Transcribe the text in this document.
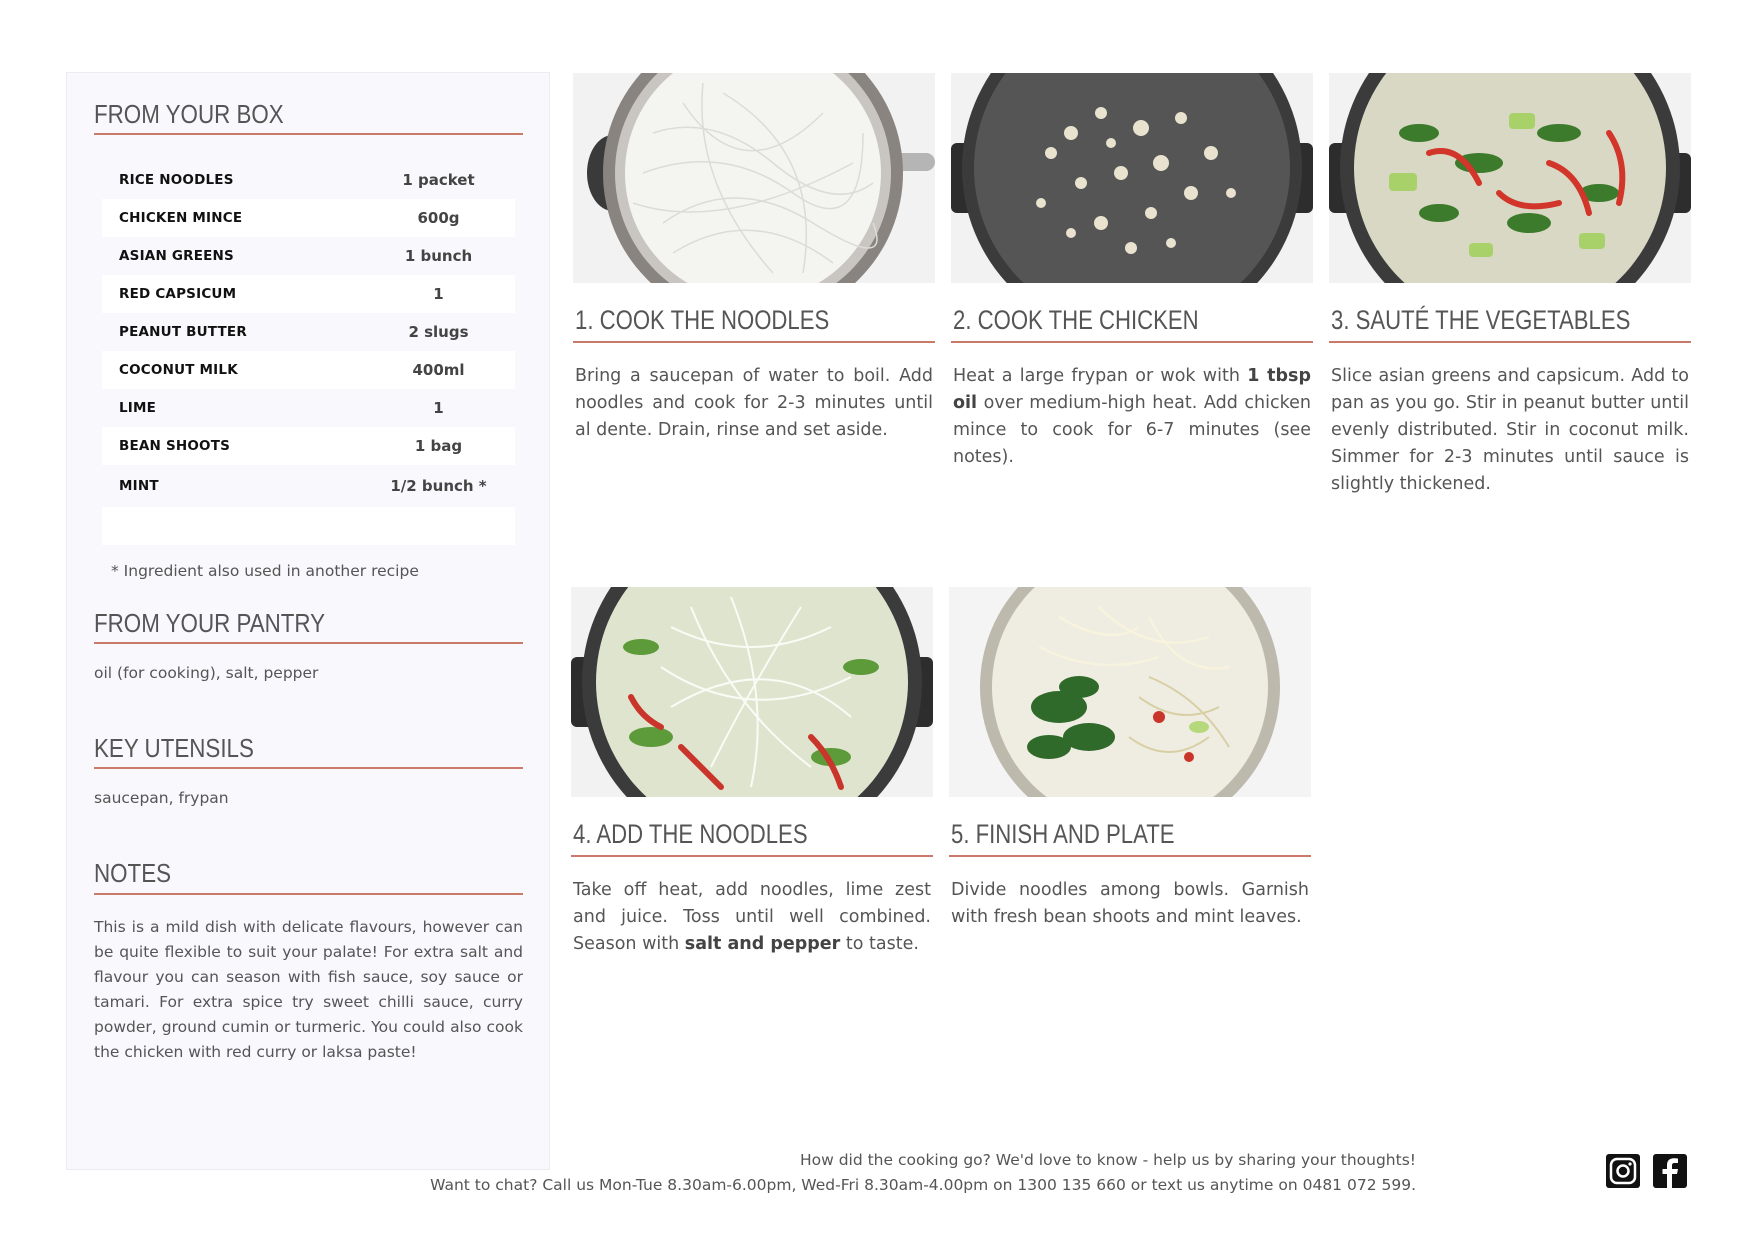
FROM YOUR BOX
RICE NOODLES	1 packet
CHICKEN MINCE	600g
ASIAN GREENS	1 bunch
RED CAPSICUM	1
PEANUT BUTTER	2 slugs
COCONUT MILK	400ml
LIME	1
BEAN SHOOTS	1 bag
MINT	1/2 bunch *
* Ingredient also used in another recipe
FROM YOUR PANTRY
oil (for cooking), salt, pepper
KEY UTENSILS
saucepan, frypan
NOTES
This is a mild dish with delicate flavours, however can be quite flexible to suit your palate! For extra salt and flavour you can season with fish sauce, soy sauce or tamari. For extra spice try sweet chilli sauce, curry powder, ground cumin or turmeric. You could also cook the chicken with red curry or laksa paste!
1. COOK THE NOODLES
Bring a saucepan of water to boil. Add noodles and cook for 2-3 minutes until al dente. Drain, rinse and set aside.
2. COOK THE CHICKEN
Heat a large frypan or wok with 1 tbsp oil over medium-high heat. Add chicken mince to cook for 6-7 minutes (see notes).
3. SAUTÉ THE VEGETABLES
Slice asian greens and capsicum. Add to pan as you go. Stir in peanut butter until evenly distributed. Stir in coconut milk. Simmer for 2-3 minutes until sauce is slightly thickened.
4. ADD THE NOODLES
Take off heat, add noodles, lime zest and juice. Toss until well combined. Season with salt and pepper to taste.
5. FINISH AND PLATE
Divide noodles among bowls. Garnish with fresh bean shoots and mint leaves.
How did the cooking go? We'd love to know - help us by sharing your thoughts!
Want to chat? Call us Mon-Tue 8.30am-6.00pm, Wed-Fri 8.30am-4.00pm on 1300 135 660 or text us anytime on 0481 072 599.
